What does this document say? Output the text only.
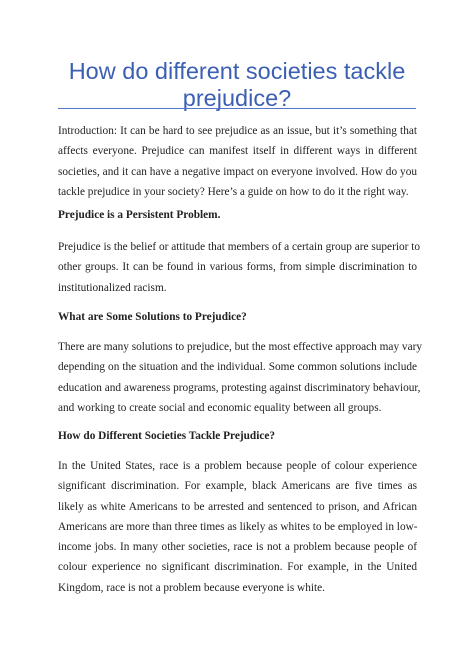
How do different societies tackle
prejudice?
Introduction: It can be hard to see prejudice as an issue, but it’s something that
affects everyone. Prejudice can manifest itself in different ways in different
societies, and it can have a negative impact on everyone involved. How do you
tackle prejudice in your society? Here’s a guide on how to do it the right way.
Prejudice is a Persistent Problem.
Prejudice is the belief or attitude that members of a certain group are superior to
other groups. It can be found in various forms, from simple discrimination to
institutionalized racism.
What are Some Solutions to Prejudice?
There are many solutions to prejudice, but the most effective approach may vary
depending on the situation and the individual. Some common solutions include
education and awareness programs, protesting against discriminatory behaviour,
and working to create social and economic equality between all groups.
How do Different Societies Tackle Prejudice?
In the United States, race is a problem because people of colour experience
significant discrimination. For example, black Americans are five times as
likely as white Americans to be arrested and sentenced to prison, and African
Americans are more than three times as likely as whites to be employed in low-
income jobs. In many other societies, race is not a problem because people of
colour experience no significant discrimination. For example, in the United
Kingdom, race is not a problem because everyone is white.
